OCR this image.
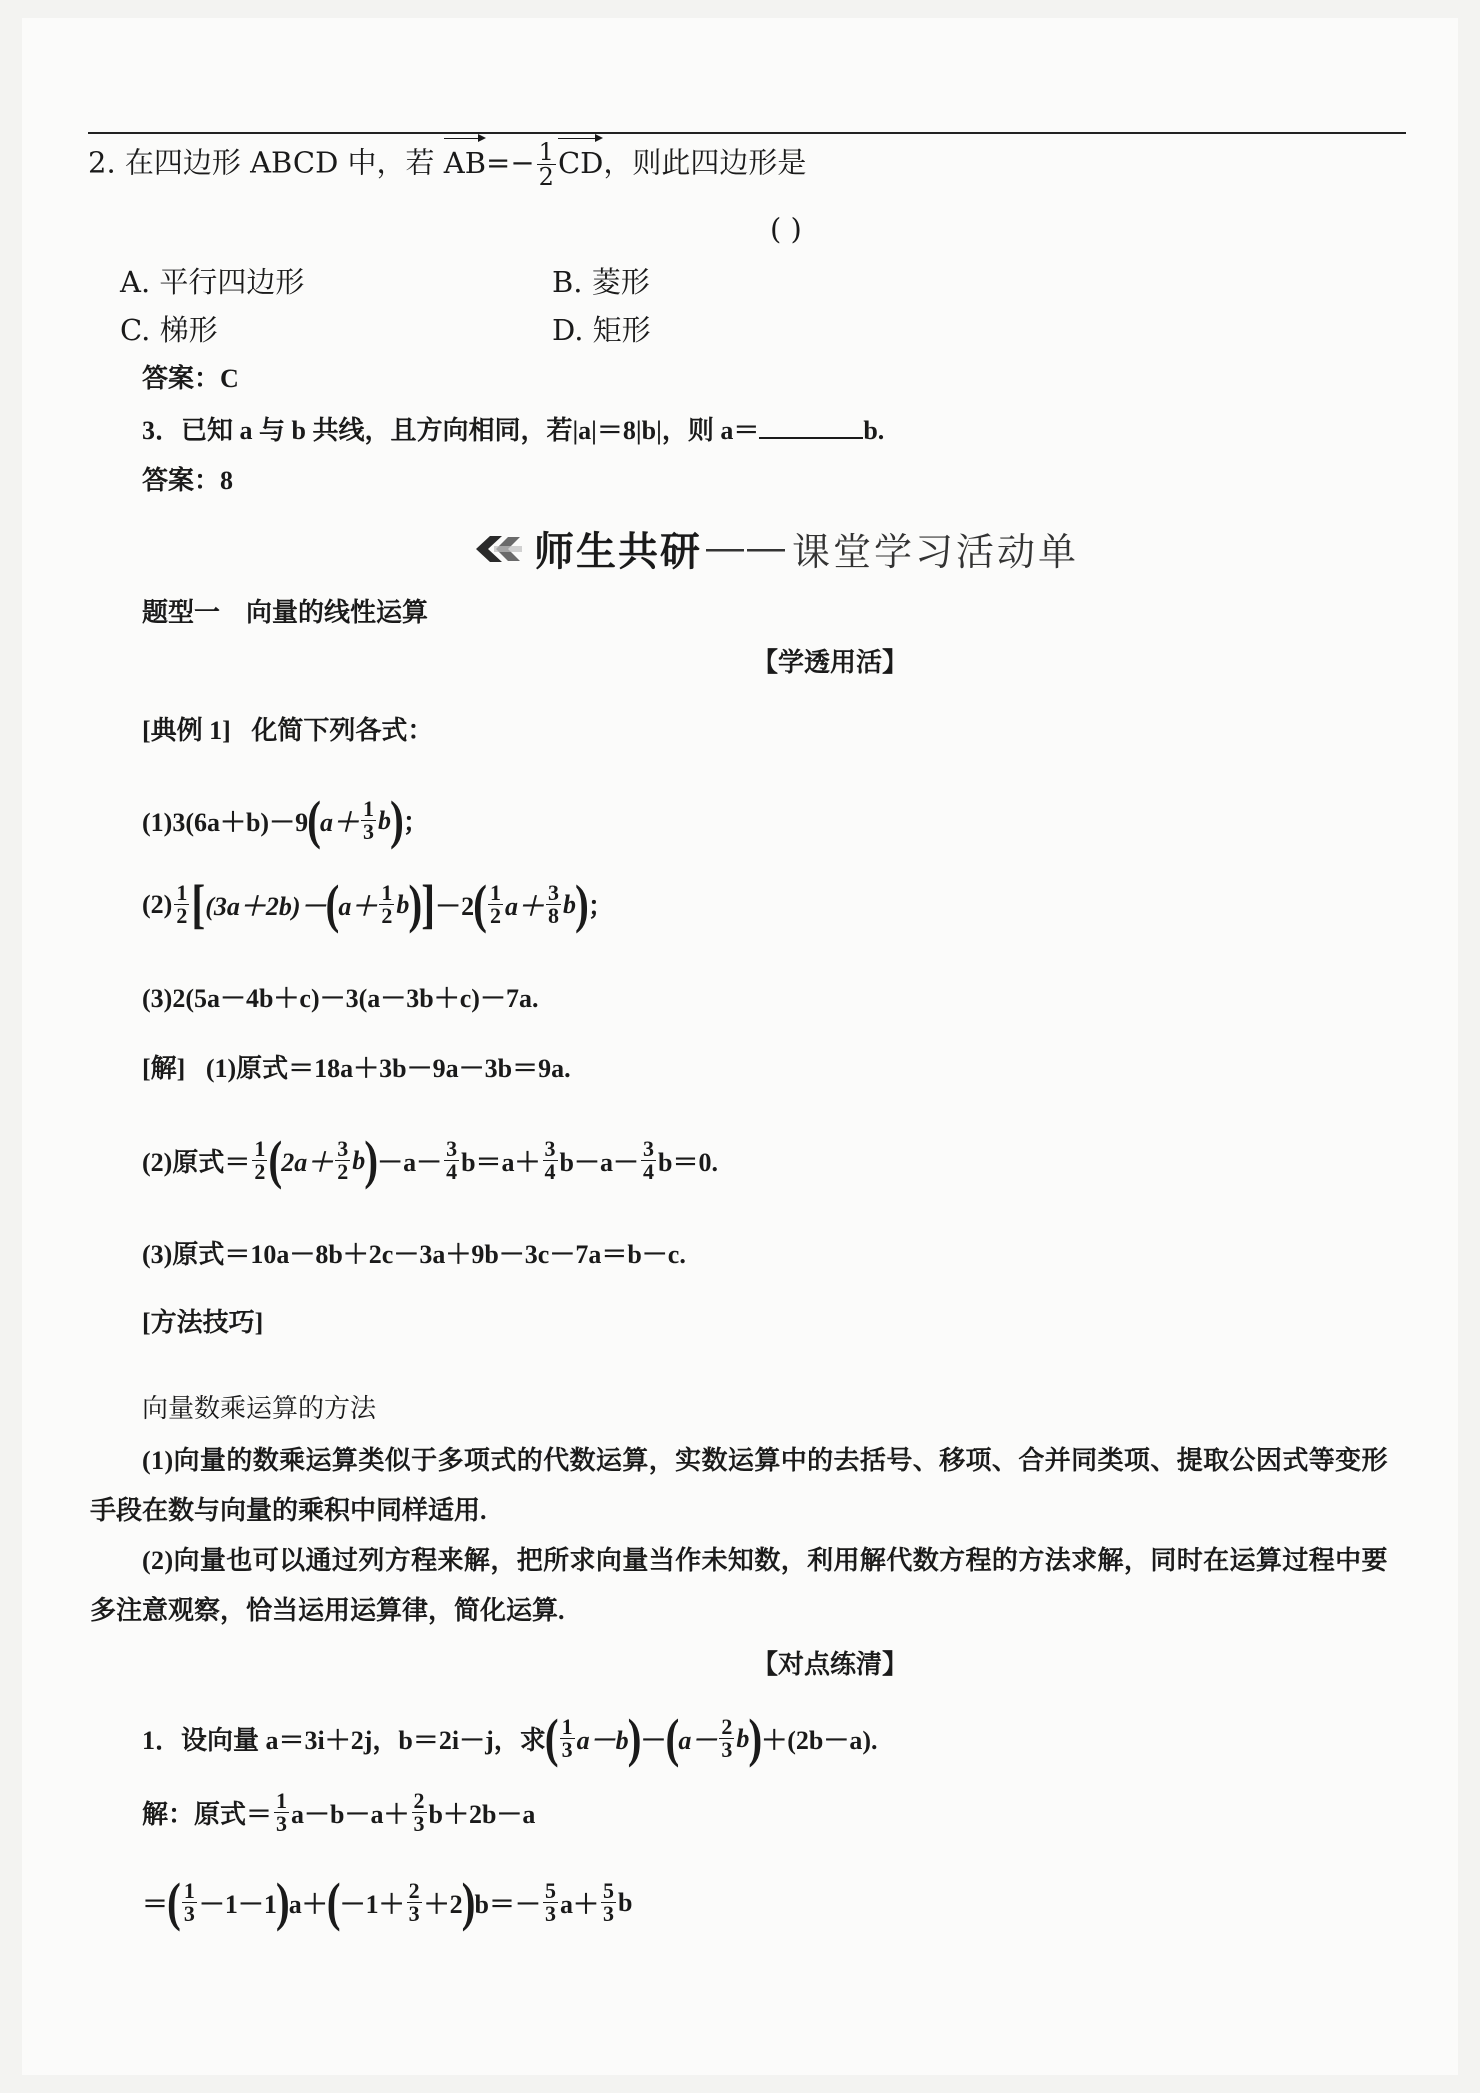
2. 在四边形 ABCD 中，若 $AB=- \frac{1}{2}$ CD，则此四边形是
( )
A. 平行四边形	B. 菱形
C. 梯形	D. 矩形
答案：C
3．已知 a 与 b 共线，且方向相同，若|a|＝8|b|，则 a＝	b.
答案：8
师生共研 —— 课堂学习活动单
题型一　向量的线性运算
【学透用活】
[典例 1] 化简下列各式：
(1)3(6a＋b)－9 ( $a+ \frac{1}{3}$ b ) ；
$(2) \frac{1}{2}$ [ (3a＋2b)－ ( $a+ \frac{1}{2}$ b ) ] －2 ( $\frac{1}{2} a+ \frac{3}{8}$ b ) ；
(3)2(5a－4b＋c)－3(a－3b＋c)－7a.
[解] (1)原式＝18a＋3b－9a－3b＝9a.
(2)原式＝ $\frac{1}{2}$ ( $2a+ \frac{3}{2}$ b ) $-a- \frac{3}{4} b=a+ \frac{3}{4} b-a- \frac{3}{4} b=0$.
(3)原式＝10a－8b＋2c－3a＋9b－3c－7a＝b－c.
[方法技巧]
向量数乘运算的方法
(1)向量的数乘运算类似于多项式的代数运算，实数运算中的去括号、移项、合并同类项、提取公因式等变形
手段在数与向量的乘积中同样适用.
(2)向量也可以通过列方程来解，把所求向量当作未知数，利用解代数方程的方法求解，同时在运算过程中要
多注意观察，恰当运用运算律，简化运算.
【对点练清】
1．设向量 a＝3i＋2j，b＝2i－j，求 ( $\frac{1}{3} a-b$ ) － ( $a- \frac{2}{3}$ b ) ＋(2b－a).
解： 原式＝ $\frac{1}{3} a-b-a+ \frac{2}{3} b+2b-a$
＝ ( $\frac{1}{3} -1-1$ ) a＋ ( $-1+ \frac{2}{3} +2$ ) $b=- \frac{5}{3} a+ \frac{5}{3}$ b
